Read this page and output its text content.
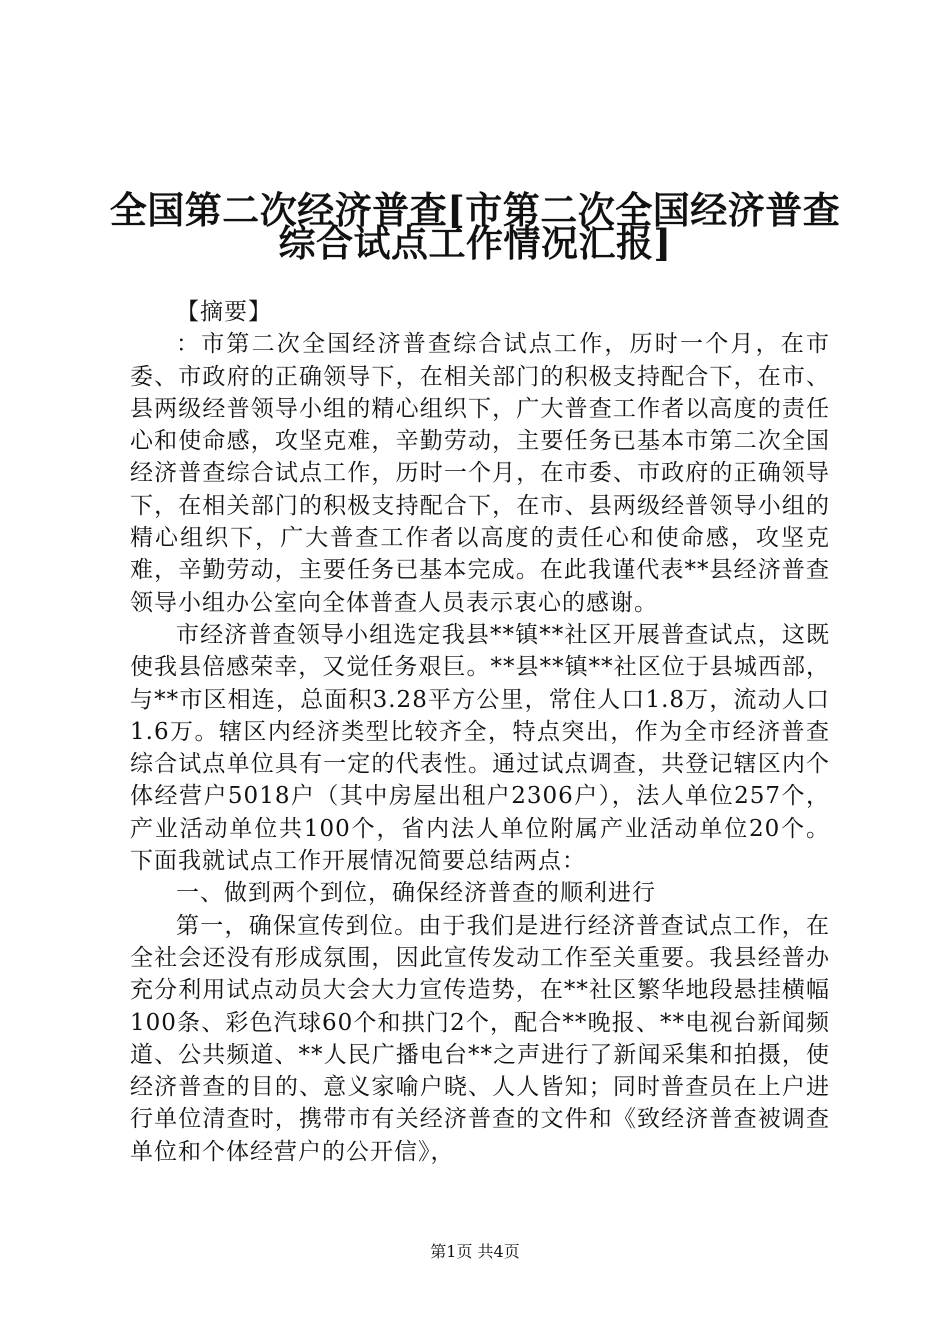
全国第二次经济普查[市第二次全国经济普查
综合试点工作情况汇报]

【摘要】

：市第二次全国经济普查综合试点工作，历时一个月，在市委、市政府的正确领导下，在相关部门的积极支持配合下，在市、县两级经普领导小组的精心组织下，广大普查工作者以高度的责任心和使命感，攻坚克难，辛勤劳动，主要任务已基本市第二次全国经济普查综合试点工作，历时一个月，在市委、市政府的正确领导下，在相关部门的积极支持配合下，在市、县两级经普领导小组的精心组织下，广大普查工作者以高度的责任心和使命感，攻坚克难，辛勤劳动，主要任务已基本完成。在此我谨代表**县经济普查领导小组办公室向全体普查人员表示衷心的感谢。

市经济普查领导小组选定我县**镇**社区开展普查试点，这既使我县倍感荣幸，又觉任务艰巨。**县**镇**社区位于县城西部，与**市区相连，总面积3.28平方公里，常住人口1.8万，流动人口1.6万。辖区内经济类型比较齐全，特点突出，作为全市经济普查综合试点单位具有一定的代表性。通过试点调查，共登记辖区内个体经营户5018户（其中房屋出租户2306户），法人单位257个，产业活动单位共100个，省内法人单位附属产业活动单位20个。下面我就试点工作开展情况简要总结两点：

一、做到两个到位，确保经济普查的顺利进行

第一，确保宣传到位。由于我们是进行经济普查试点工作，在全社会还没有形成氛围，因此宣传发动工作至关重要。我县经普办充分利用试点动员大会大力宣传造势，在**社区繁华地段悬挂横幅100条、彩色汽球60个和拱门2个，配合**晚报、**电视台新闻频道、公共频道、**人民广播电台**之声进行了新闻采集和拍摄，使经济普查的目的、意义家喻户晓、人人皆知；同时普查员在上户进行单位清查时，携带市有关经济普查的文件和《致经济普查被调查单位和个体经营户的公开信》，

第1页 共4页
